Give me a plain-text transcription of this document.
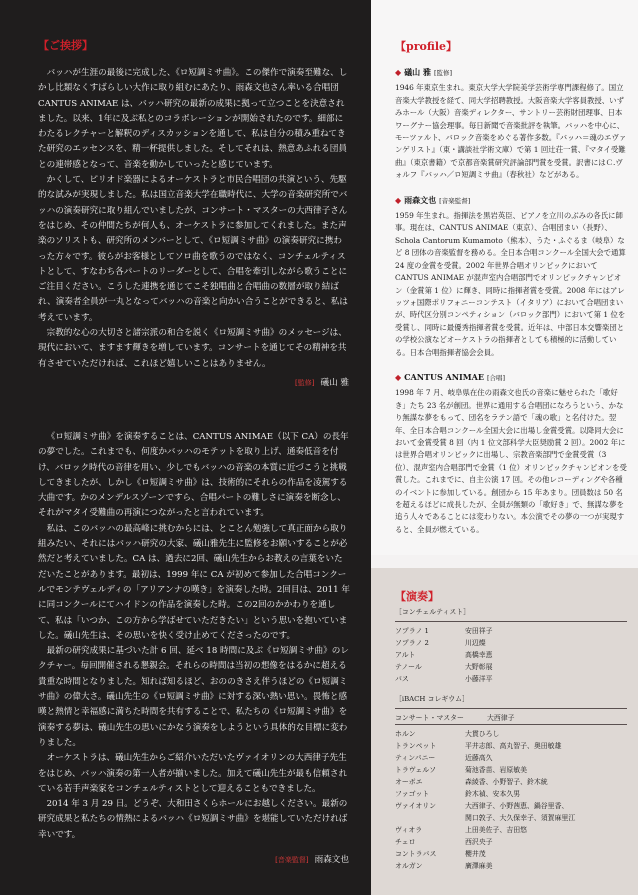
【ご挨拶】

バッハが生涯の最後に完成した、《ロ短調ミサ曲》。この傑作で演奏至難な、しかし比類なくすばらしい大作に取り組むにあたり、雨森文也さん率いる合唱団 CANTUS ANIMAE は、バッハ研究の最新の成果に拠って立つことを決意されました。以来、1年に及ぶ私とのコラボレーションが開始されたのです。細部にわたるレクチャーと解釈のディスカッションを通して、私は自分の積み重ねてきた研究のエッセンスを、精一杯提供しました。そしてそれは、熱意あふれる団員との連帯感となって、音楽を動かしていったと感じています。

かくして、ピリオド楽器によるオーケストラと市民合唱団の共演という、先駆的な試みが実現しました。私は国立音楽大学在職時代に、大学の音楽研究所でバッハの演奏研究に取り組んでいましたが、コンサート・マスターの大西律子さんをはじめ、その仲間たちが何人も、オーケストラに参加してくれました。また声楽のソリストも、研究所のメンバーとして、《ロ短調ミサ曲》の演奏研究に携わった方々です。彼らがお客様としてソロ曲を歌うのではなく、コンチェルティストとして、すなわち各パートのリーダーとして、合唱を牽引しながら歌うことにご注目ください。こうした連携を通じてこそ独唱曲と合唱曲の数層が取り結ばれ、演奏者全員が一丸となってバッハの音楽と向かい合うことができると、私は考えています。

宗教的な心の大切さと諸宗派の和合を説く《ロ短調ミサ曲》のメッセージは、現代において、ますます輝きを増しています。コンサートを通じてその精神を共有させていただければ、これほど嬉しいことはありません。

[監修] 礒山 雅

《ロ短調ミサ曲》を演奏することは、CANTUS ANIMAE（以下 CA）の長年の夢でした。これまでも、何度かバッハのモテットを取り上げ、通奏低音を付け、バロック時代の音律を用い、少しでもバッハの音楽の本質に近づこうと挑戦してきましたが、しかし《ロ短調ミサ曲》は、技術的にそれらの作品を凌駕する大曲です。かのメンデルスゾーンですら、合唱パートの難しさに演奏を断念し、それがマタイ受難曲の再演につながったと言われています。

私は、このバッハの最高峰に挑むからには、とことん勉強して真正面から取り組みたい、それにはバッハ研究の大家、礒山雅先生に監修をお願いすることが必然だと考えていました。CA は、過去に2回、礒山先生からお教えの言葉をいただいたことがあります。最初は、1999 年に CA が初めて参加した合唱コンクールでモンテヴェルディの「アリアンナの嘆き」を演奏した時。2回目は、2011 年に同コンクールにてハイドンの作品を演奏した時。この2回のかかわりを通して、私は「いつか、この方から学ばせていただきたい」という思いを抱いていました。礒山先生は、その思いを快く受け止めてくださったのです。

最新の研究成果に基づいた計 6 回、延べ 18 時間に及ぶ《ロ短調ミサ曲》のレクチャー。毎回開催される懇親会。それらの時間は当初の想像をはるかに超える貴重な時間となりました。知れば知るほど、おののきさえ伴うほどの《ロ短調ミサ曲》の偉大さ。礒山先生の《ロ短調ミサ曲》に対する深い熱い思い。畏怖と感嘆と熱情と幸福感に満ちた時間を共有することで、私たちの《ロ短調ミサ曲》を演奏する夢は、礒山先生の思いにかなう演奏をしようという具体的な目標に変わりました。

オーケストラは、礒山先生からご紹介いただいたヴァイオリンの大西律子先生をはじめ、バッハ演奏の第一人者が揃いました。加えて礒山先生が最も信頼されている若手声楽家をコンチェルティストとして迎えることもできました。

2014 年 3 月 29 日。どうぞ、大和田さくらホールにお越しください。最新の研究成果と私たちの情熱によるバッハ《ロ短調ミサ曲》を堪能していただければ幸いです。

[音楽監督] 雨森文也
【profile】
◆ 礒山 雅 [監修]

1946 年東京生まれ。東京大学大学院美学芸術学専門課程修了。国立音楽大学教授を経て、同大学招聘教授。大阪音楽大学客員教授、いずみホール（大阪）音楽ディレクター、サントリー芸術財団理事、日本ワーグナー協会理事。毎日新聞で音楽批評を執筆。バッハを中心に、モーツァルト、バロック音楽をめぐる著作多数。『バッハ＝魂のエヴァンゲリスト』（東・講談社学術文庫）で第 1 回辻荘一賞、『マタイ受難曲』（東京書籍）で京都音楽賞研究評論部門賞を受賞。訳書にはＣ.ヴォルフ『バッハ／ロ短調ミサ曲』（春秋社）などがある。

◆ 雨森文也 [音楽監督]

1959 年生まれ。指揮法を黒岩英臣、ピアノを立川のぶみの各氏に師事。現在は、CANTUS ANIMAE（東京）、合唱団まい（長野）、Schola Cantorum Kumamoto（熊本）、うた・ふぐるま（岐阜）など 8 団体の音楽監督を務める。全日本合唱コンクール全国大会で通算 24 度の金賞を受賞。2002 年世界合唱オリンピックにおいて CANTUS ANIMAE が混声室内合唱部門でオリンピックチャンピオン（金賞第 1 位）に輝き、同時に指揮者賞を受賞。2008 年にはアレッツォ国際ポリフォニーコンテスト（イタリア）において合唱団まいが、時代区分別コンペティション（バロック部門）において第 1 位を受賞し、同時に最優秀指揮者賞を受賞。近年は、中部日本交響楽団との学校公演などオーケストラの指揮者としても積極的に活動している。日本合唱指揮者協会会員。

◆ CANTUS ANIMAE [合唱]

1998 年 7 月、岐阜県在住の雨森文也氏の音楽に魅せられた「歌好き」たち 23 名が創団。世界に通用する合唱団になろうという、かなり無謀な夢をもって、団名をラテン語で「魂の歌」と名付けた。翌年、全日本合唱コンクール全国大会に出場し金賞受賞。以降同大会において金賞受賞 8 回（内 1 位文部科学大臣奨励賞 2 回）。2002 年には世界合唱オリンピックに出場し、宗教音楽部門で金賞受賞（3 位）、混声室内合唱部門で金賞（1 位）オリンピックチャンピオンを受賞した。これまでに、自主公演 17 回。その他レコーディングや各種のイベントに参加している。創団から 15 年あまり。団員数は 50 名を超えるほどに成長したが、全員が無類の「歌好き」で、無謀な夢を追う人々であることには変わりない。本公演でその夢の一つが実現すると、全員が燃えている。

【演奏】
［コンチェルティスト］
ソプラノ 1	安田祥子
ソプラノ 2	川辺燦
アルト	高橋幸恵
テノール	大野彰展
バス	小藤洋平
［iBACH コレギウム］
コンサート・マスター	大西律子
ホルン	大貫ひろし
トランペット	平井志郎、高丸智子、奥田敏雄
ティンパニー	近藤高久
トラヴェルソ	菊池香苗、岩原敏美
オーボエ	森綾香、小野智子、鈴木統
ファゴット	鈴木禎、安本久男
ヴァイオリン	大西律子、小野茜恵、鍋谷里香、
関口敦子、大久保幸子、須賀麻里江
ヴィオラ	上田美佐子、吉田悠
チェロ	西沢央子
コントラバス	櫻井茂
オルガン	廣澤麻美
